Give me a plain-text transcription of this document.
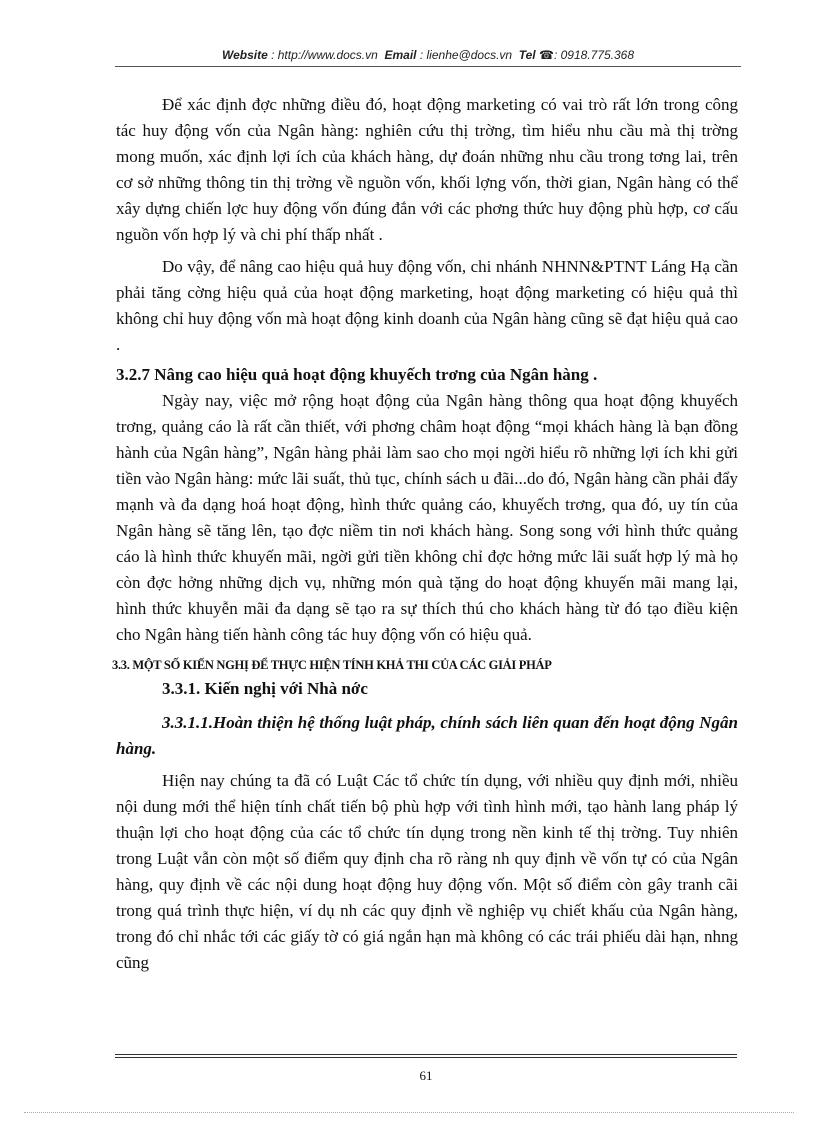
Website : http://www.docs.vn Email : lienhe@docs.vn Tel ☎: 0918.775.368

Để xác định đợc những điều đó, hoạt động marketing có vai trò rất lớn trong công tác huy động vốn của Ngân hàng: nghiên cứu thị trờng, tìm hiểu nhu cầu mà thị trờng mong muốn, xác định lợi ích của khách hàng, dự đoán những nhu cầu trong tơng lai, trên cơ sở những thông tin thị trờng về nguồn vốn, khối lợng vốn, thời gian, Ngân hàng có thể xây dựng chiến lợc huy động vốn đúng đắn với các phơng thức huy động phù hợp, cơ cấu nguồn vốn hợp lý và chi phí thấp nhất .

Do vậy, để nâng cao hiệu quả huy động vốn, chi nhánh NHNN&PTNT Láng Hạ cần phải tăng cờng hiệu quả của hoạt động marketing, hoạt động marketing có hiệu quả thì không chỉ huy động vốn mà hoạt động kinh doanh của Ngân hàng cũng sẽ đạt hiệu quả cao .

3.2.7 Nâng cao hiệu quả hoạt động khuyếch trơng của Ngân hàng .

Ngày nay, việc mở rộng hoạt động của Ngân hàng thông qua hoạt động khuyếch trơng, quảng cáo là rất cần thiết, với phơng châm hoạt động “mọi khách hàng là bạn đồng hành của Ngân hàng”, Ngân hàng phải làm sao cho mọi ngời hiểu rõ những lợi ích khi gửi tiền vào Ngân hàng: mức lãi suất, thủ tục, chính sách u đãi...do đó, Ngân hàng cần phải đẩy mạnh và đa dạng hoá hoạt động, hình thức quảng cáo, khuyếch trơng, qua đó, uy tín của Ngân hàng sẽ tăng lên, tạo đợc niềm tin nơi khách hàng. Song song với hình thức quảng cáo là hình thức khuyến mãi, ngời gửi tiền không chỉ đợc hởng mức lãi suất hợp lý mà họ còn đợc hởng những dịch vụ, những món quà tặng do hoạt động khuyến mãi mang lại, hình thức khuyễn mãi đa dạng sẽ tạo ra sự thích thú cho khách hàng từ đó tạo điều kiện cho Ngân hàng tiến hành công tác huy động vốn có hiệu quả.

3.3. MỘT SỐ KIẾN NGHỊ ĐỂ THỰC HIỆN TÍNH KHẢ THI CỦA CÁC GIẢI PHÁP
3.3.1. Kiến nghị với Nhà nớc
3.3.1.1.Hoàn thiện hệ thống luật pháp, chính sách liên quan đến hoạt động Ngân hàng.

Hiện nay chúng ta đã có Luật Các tổ chức tín dụng, với nhiều quy định mới, nhiều nội dung mới thể hiện tính chất tiến bộ phù hợp với tình hình mới, tạo hành lang pháp lý thuận lợi cho hoạt động của các tổ chức tín dụng trong nền kinh tế thị trờng. Tuy nhiên trong Luật vẫn còn một số điểm quy định cha rõ ràng nh quy định về vốn tự có của Ngân hàng, quy định về các nội dung hoạt động huy động vốn. Một số điểm còn gây tranh cãi trong quá trình thực hiện, ví dụ nh các quy định về nghiệp vụ chiết khấu của Ngân hàng, trong đó chỉ nhắc tới các giấy tờ có giá ngắn hạn mà không có các trái phiếu dài hạn, nhng cũng

61
